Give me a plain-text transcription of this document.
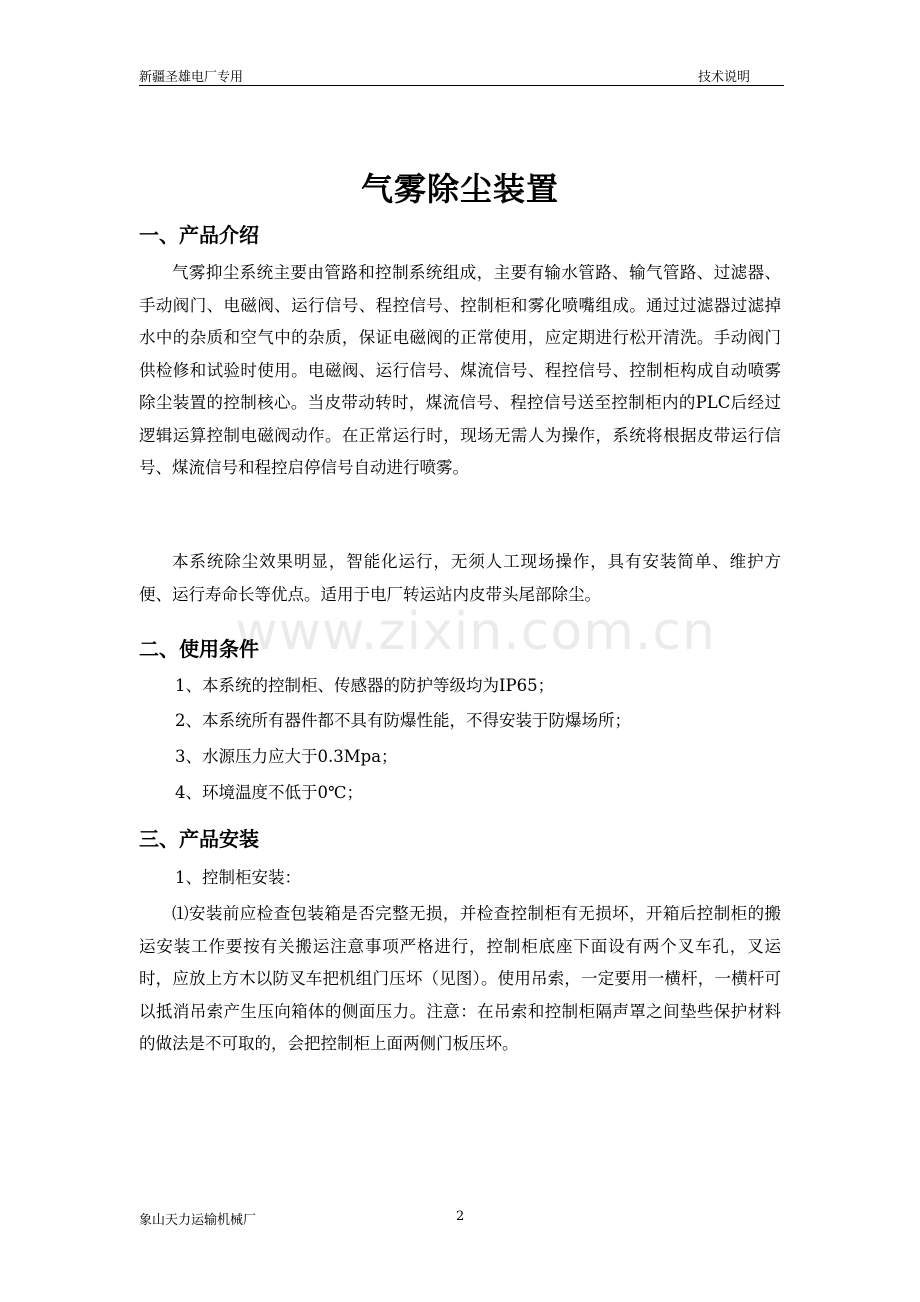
新疆圣雄电厂专用	技术说明
气雾除尘装置
一、产品介绍

气雾抑尘系统主要由管路和控制系统组成，主要有输水管路、输气管路、过滤器、手动阀门、电磁阀、运行信号、程控信号、控制柜和雾化喷嘴组成。通过过滤器过滤掉水中的杂质和空气中的杂质，保证电磁阀的正常使用，应定期进行松开清洗。手动阀门供检修和试验时使用。电磁阀、运行信号、煤流信号、程控信号、控制柜构成自动喷雾除尘装置的控制核心。当皮带动转时，煤流信号、程控信号送至控制柜内的PLC后经过逻辑运算控制电磁阀动作。在正常运行时，现场无需人为操作，系统将根据皮带运行信号、煤流信号和程控启停信号自动进行喷雾。

本系统除尘效果明显，智能化运行，无须人工现场操作，具有安装简单、维护方便、运行寿命长等优点。适用于电厂转运站内皮带头尾部除尘。

www.zixin.com.cn
二、使用条件
1、本系统的控制柜、传感器的防护等级均为IP65；
2、本系统所有器件都不具有防爆性能，不得安装于防爆场所；
3、水源压力应大于0.3Mpa；
4、环境温度不低于0℃；
三、产品安装
1、控制柜安装：

⑴安装前应检查包装箱是否完整无损，并检查控制柜有无损坏，开箱后控制柜的搬运安装工作要按有关搬运注意事项严格进行，控制柜底座下面设有两个叉车孔，叉运时，应放上方木以防叉车把机组门压坏（见图）。使用吊索，一定要用一横杆，一横杆可以抵消吊索产生压向箱体的侧面压力。注意：在吊索和控制柜隔声罩之间垫些保护材料的做法是不可取的，会把控制柜上面两侧门板压坏。

象山天力运输机械厂	2
